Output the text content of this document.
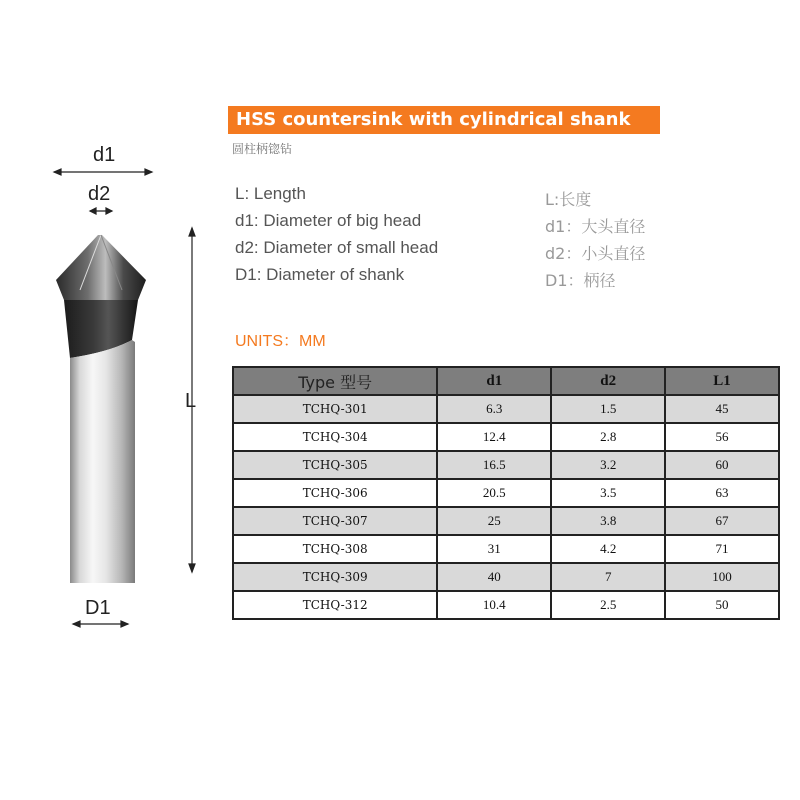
d1
d2
L
D1
HSS countersink with cylindrical shank
圆柱柄锪钻
L: Length
d1: Diameter of big head
d2: Diameter of small head
D1: Diameter of shank
L:长度
d1：大头直径
d2：小头直径
D1：柄径
UNITS：MM
Type 型号	d1	d2	L1
TCHQ-301	6.3	1.5	45
TCHQ-304	12.4	2.8	56
TCHQ-305	16.5	3.2	60
TCHQ-306	20.5	3.5	63
TCHQ-307	25	3.8	67
TCHQ-308	31	4.2	71
TCHQ-309	40	7	100
TCHQ-312	10.4	2.5	50
